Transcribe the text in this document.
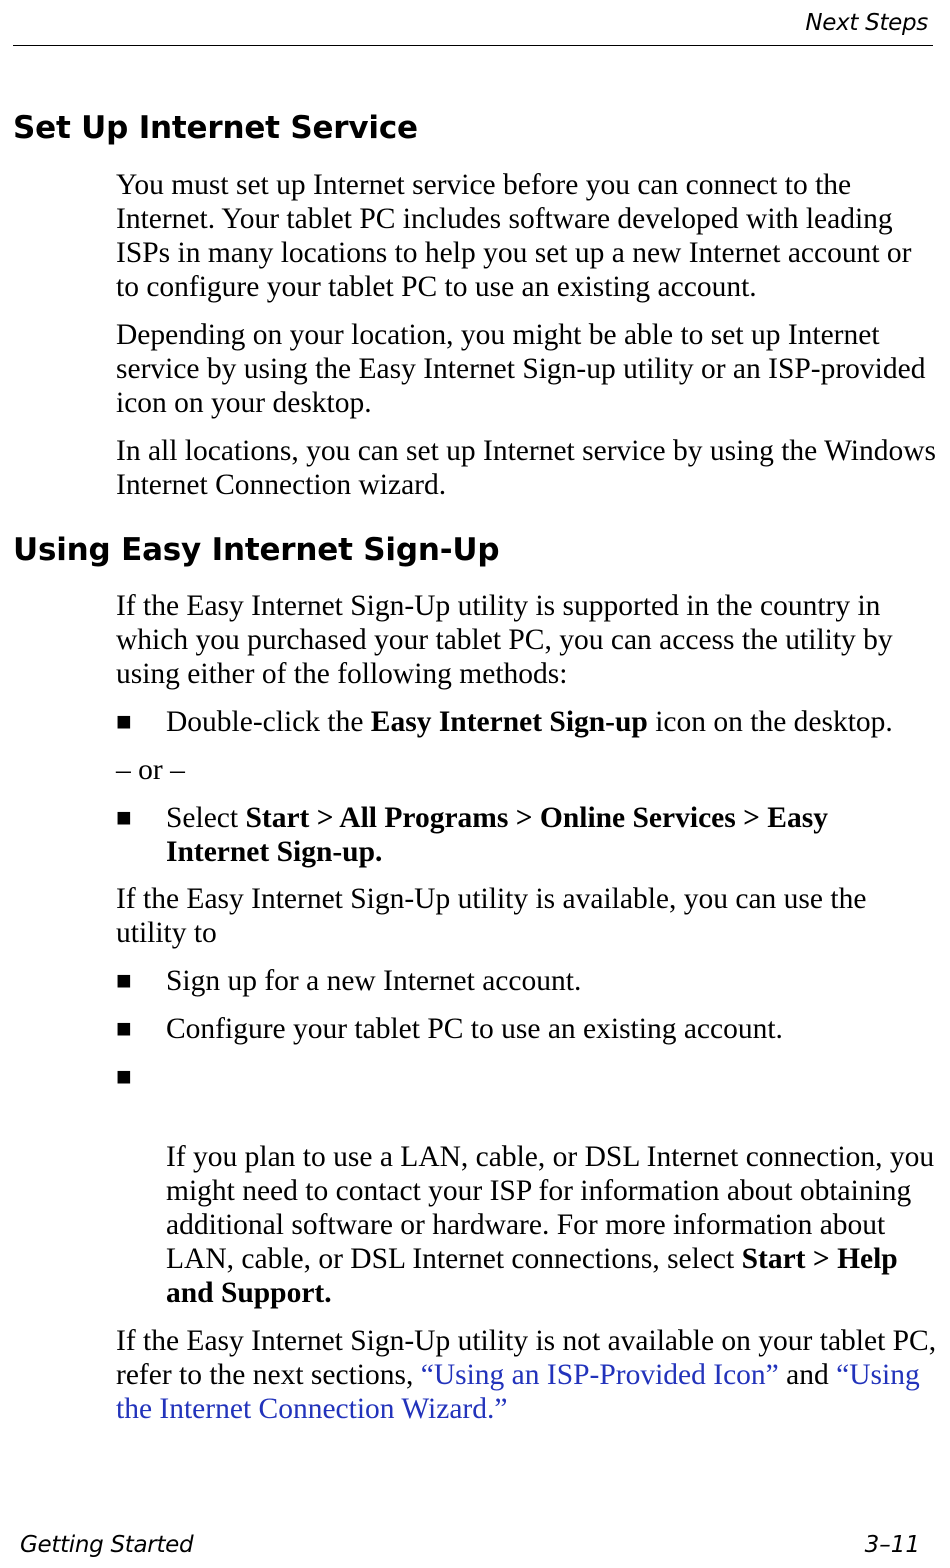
Next Steps
Set Up Internet Service

You must set up Internet service before you can connect to the Internet. Your tablet PC includes software developed with leading ISPs in many locations to help you set up a new Internet account or to configure your tablet PC to use an existing account.

Depending on your location, you might be able to set up Internet service by using the Easy Internet Sign-up utility or an ISP-provided icon on your desktop.

In all locations, you can set up Internet service by using the Windows Internet Connection wizard.

Using Easy Internet Sign-Up

If the Easy Internet Sign-Up utility is supported in the country in which you purchased your tablet PC, you can access the utility by using either of the following methods:

■	Double-click the Easy Internet Sign-up icon on the desktop.

– or –

■	Select Start > All Programs > Online Services > Easy Internet Sign-up.

If the Easy Internet Sign-Up utility is available, you can use the utility to

■	Sign up for a new Internet account.
■	Configure your tablet PC to use an existing account.
■

If you plan to use a LAN, cable, or DSL Internet connection, you might need to contact your ISP for information about obtaining additional software or hardware. For more information about LAN, cable, or DSL Internet connections, select Start > Help and Support.

If the Easy Internet Sign-Up utility is not available on your tablet PC, refer to the next sections, “Using an ISP-Provided Icon” and “Using the Internet Connection Wizard.”

Getting Started	3–11
